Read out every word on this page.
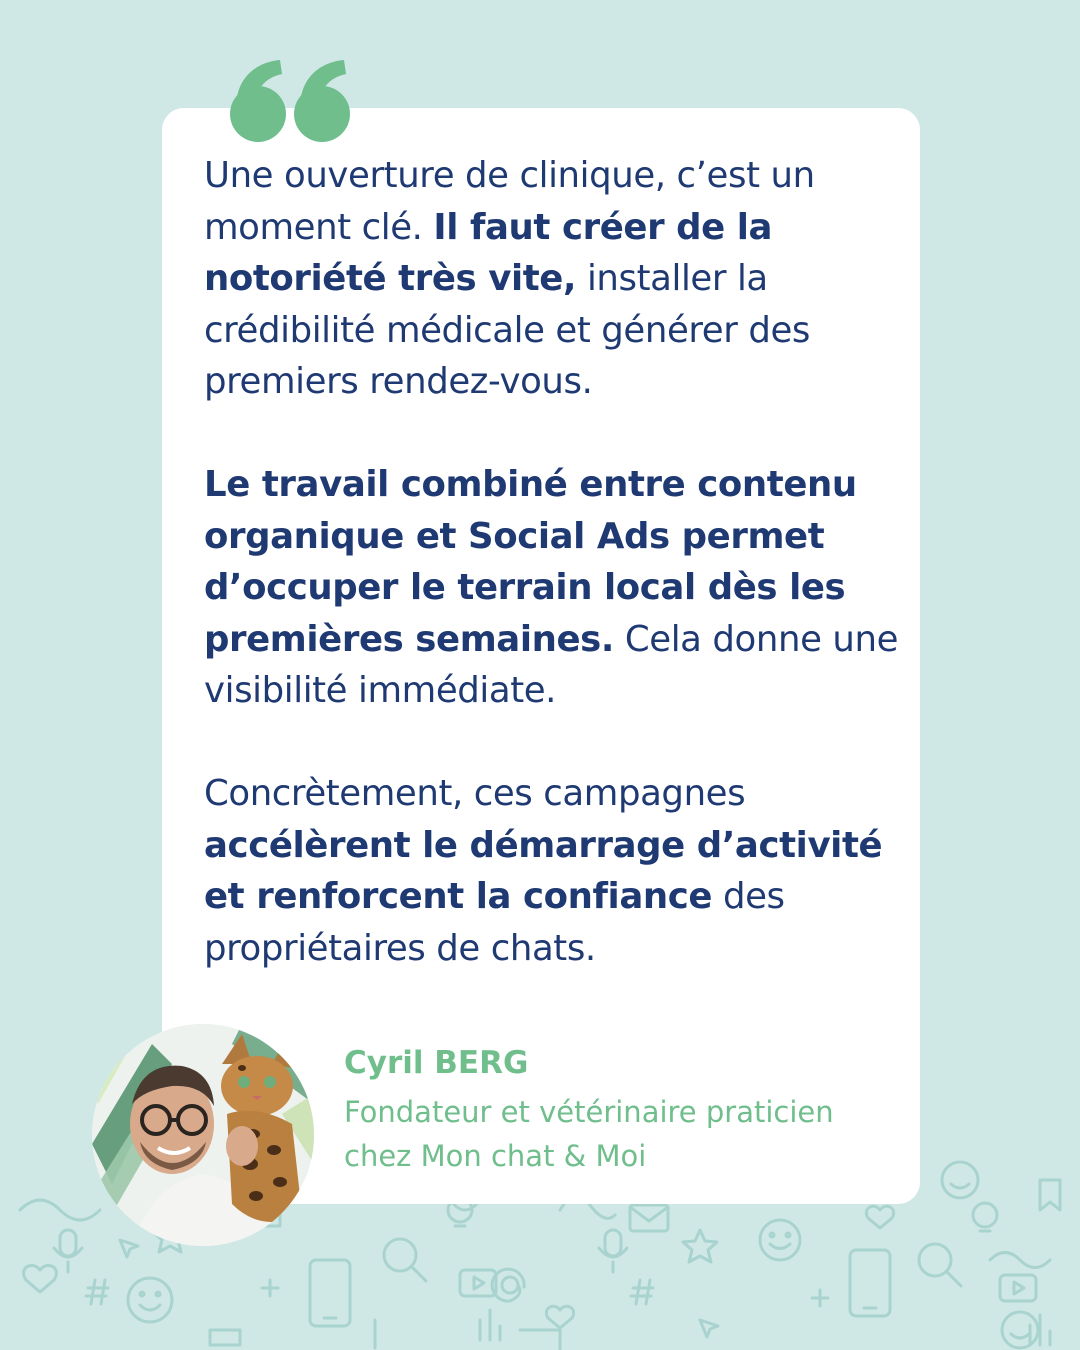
Une ouverture de clinique, c’est un moment clé. Il faut créer de la notoriété très vite, installer la crédibilité médicale et générer des premiers rendez-vous.

Le travail combiné entre contenu organique et Social Ads permet d’occuper le terrain local dès les premières semaines. Cela donne une visibilité immédiate.

Concrètement, ces campagnes accélèrent le démarrage d’activité et renforcent la confiance des propriétaires de chats.

Cyril BERG
Fondateur et vétérinaire praticien
chez Mon chat & Moi
